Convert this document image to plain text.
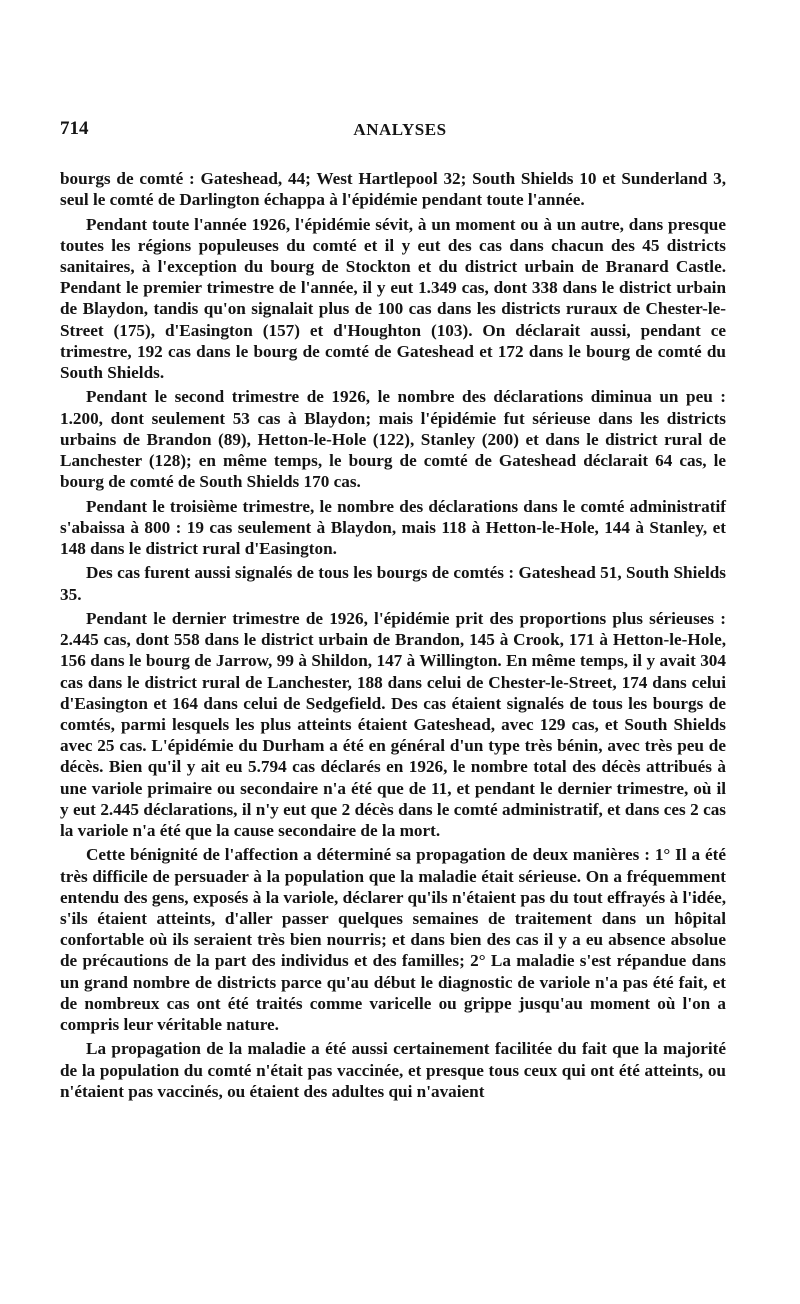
714	ANALYSES

bourgs de comté : Gateshead, 44; West Hartlepool 32; South Shields 10 et Sunderland 3, seul le comté de Darlington échappa à l'épidémie pendant toute l'année.

Pendant toute l'année 1926, l'épidémie sévit, à un moment ou à un autre, dans presque toutes les régions populeuses du comté et il y eut des cas dans chacun des 45 districts sanitaires, à l'exception du bourg de Stockton et du district urbain de Branard Castle. Pendant le premier trimestre de l'année, il y eut 1.349 cas, dont 338 dans le district urbain de Blaydon, tandis qu'on signalait plus de 100 cas dans les districts ruraux de Chester-le-Street (175), d'Easington (157) et d'Houghton (103). On déclarait aussi, pendant ce trimestre, 192 cas dans le bourg de comté de Gateshead et 172 dans le bourg de comté du South Shields.

Pendant le second trimestre de 1926, le nombre des déclarations diminua un peu : 1.200, dont seulement 53 cas à Blaydon; mais l'épidémie fut sérieuse dans les districts urbains de Brandon (89), Hetton-le-Hole (122), Stanley (200) et dans le district rural de Lanchester (128); en même temps, le bourg de comté de Gateshead déclarait 64 cas, le bourg de comté de South Shields 170 cas.

Pendant le troisième trimestre, le nombre des déclarations dans le comté administratif s'abaissa à 800 : 19 cas seulement à Blaydon, mais 118 à Hetton-le-Hole, 144 à Stanley, et 148 dans le district rural d'Easington.

Des cas furent aussi signalés de tous les bourgs de comtés : Gateshead 51, South Shields 35.

Pendant le dernier trimestre de 1926, l'épidémie prit des proportions plus sérieuses : 2.445 cas, dont 558 dans le district urbain de Brandon, 145 à Crook, 171 à Hetton-le-Hole, 156 dans le bourg de Jarrow, 99 à Shildon, 147 à Willington. En même temps, il y avait 304 cas dans le district rural de Lanchester, 188 dans celui de Chester-le-Street, 174 dans celui d'Easington et 164 dans celui de Sedgefield. Des cas étaient signalés de tous les bourgs de comtés, parmi lesquels les plus atteints étaient Gateshead, avec 129 cas, et South Shields avec 25 cas. L'épidémie du Durham a été en général d'un type très bénin, avec très peu de décès. Bien qu'il y ait eu 5.794 cas déclarés en 1926, le nombre total des décès attribués à une variole primaire ou secondaire n'a été que de 11, et pendant le dernier trimestre, où il y eut 2.445 déclarations, il n'y eut que 2 décès dans le comté administratif, et dans ces 2 cas la variole n'a été que la cause secondaire de la mort.

Cette bénignité de l'affection a déterminé sa propagation de deux manières : 1° Il a été très difficile de persuader à la population que la maladie était sérieuse. On a fréquemment entendu des gens, exposés à la variole, déclarer qu'ils n'étaient pas du tout effrayés à l'idée, s'ils étaient atteints, d'aller passer quelques semaines de traitement dans un hôpital confortable où ils seraient très bien nourris; et dans bien des cas il y a eu absence absolue de précautions de la part des individus et des familles; 2° La maladie s'est répandue dans un grand nombre de districts parce qu'au début le diagnostic de variole n'a pas été fait, et de nombreux cas ont été traités comme varicelle ou grippe jusqu'au moment où l'on a compris leur véritable nature.

La propagation de la maladie a été aussi certainement facilitée du fait que la majorité de la population du comté n'était pas vaccinée, et presque tous ceux qui ont été atteints, ou n'étaient pas vaccinés, ou étaient des adultes qui n'avaient
